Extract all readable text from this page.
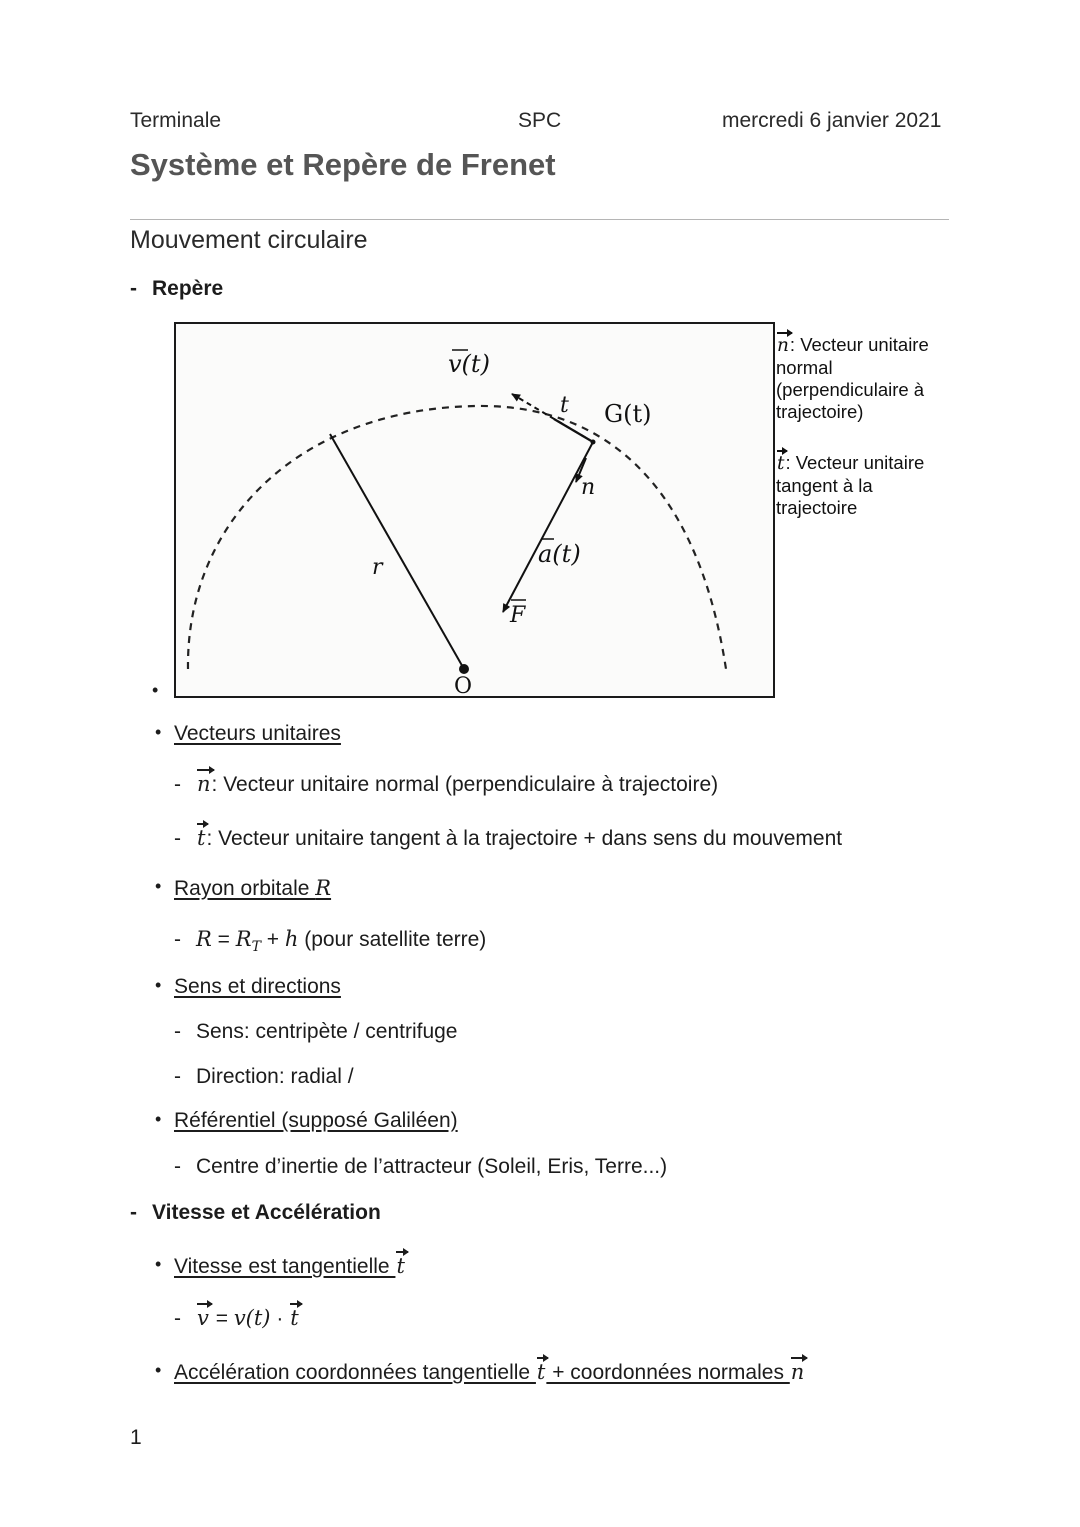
Terminale	SPC	mercredi 6 janvier 2021
Système et Repère de Frenet
Mouvement circulaire
- Repère
v(t)
t G(t)
n
a(t)
F
r
O
n: Vecteur unitaire normal (perpendiculaire à trajectoire)
t: Vecteur unitaire tangent à la trajectoire
•
• Vecteurs unitaires
- n: Vecteur unitaire normal (perpendiculaire à trajectoire)
- t: Vecteur unitaire tangent à la trajectoire + dans sens du mouvement
• Rayon orbitale R
- $R = R_T + h$ (pour satellite terre)
• Sens et directions
- Sens: centripète / centrifuge
- Direction: radial /
• Référentiel (supposé Galiléen)
- Centre d’inertie de l’attracteur (Soleil, Eris, Terre...)
- Vitesse et Accélération
• Vitesse est tangentielle t
- v = v(t) · t
• Accélération coordonnées tangentielle t + coordonnées normales n
1
